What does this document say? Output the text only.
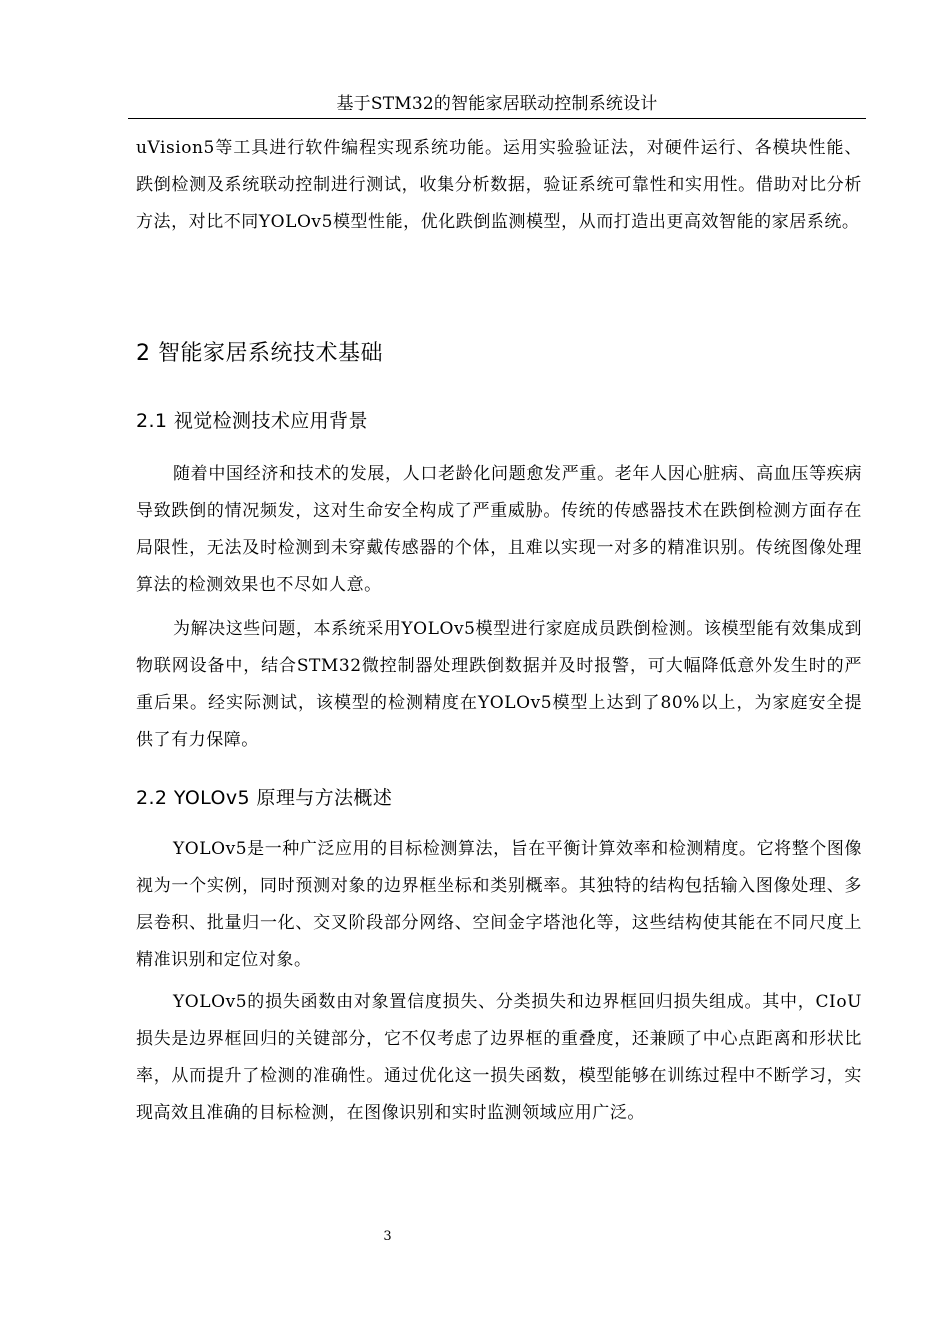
基于STM32的智能家居联动控制系统设计

uVision5等工具进行软件编程实现系统功能。运用实验验证法，对硬件运行、各模块性能、跌倒检测及系统联动控制进行测试，收集分析数据，验证系统可靠性和实用性。借助对比分析方法，对比不同YOLOv5模型性能，优化跌倒监测模型，从而打造出更高效智能的家居系统。

2 智能家居系统技术基础
2.1 视觉检测技术应用背景

随着中国经济和技术的发展，人口老龄化问题愈发严重。老年人因心脏病、高血压等疾病导致跌倒的情况频发，这对生命安全构成了严重威胁。传统的传感器技术在跌倒检测方面存在局限性，无法及时检测到未穿戴传感器的个体，且难以实现一对多的精准识别。传统图像处理算法的检测效果也不尽如人意。

为解决这些问题，本系统采用YOLOv5模型进行家庭成员跌倒检测。该模型能有效集成到物联网设备中，结合STM32微控制器处理跌倒数据并及时报警，可大幅降低意外发生时的严重后果。经实际测试，该模型的检测精度在YOLOv5模型上达到了80%以上，为家庭安全提供了有力保障。

2.2 YOLOv5 原理与方法概述

YOLOv5是一种广泛应用的目标检测算法，旨在平衡计算效率和检测精度。它将整个图像视为一个实例，同时预测对象的边界框坐标和类别概率。其独特的结构包括输入图像处理、多层卷积、批量归一化、交叉阶段部分网络、空间金字塔池化等，这些结构使其能在不同尺度上精准识别和定位对象。

YOLOv5的损失函数由对象置信度损失、分类损失和边界框回归损失组成。其中，CIoU损失是边界框回归的关键部分，它不仅考虑了边界框的重叠度，还兼顾了中心点距离和形状比率，从而提升了检测的准确性。通过优化这一损失函数，模型能够在训练过程中不断学习，实现高效且准确的目标检测，在图像识别和实时监测领域应用广泛。

3
